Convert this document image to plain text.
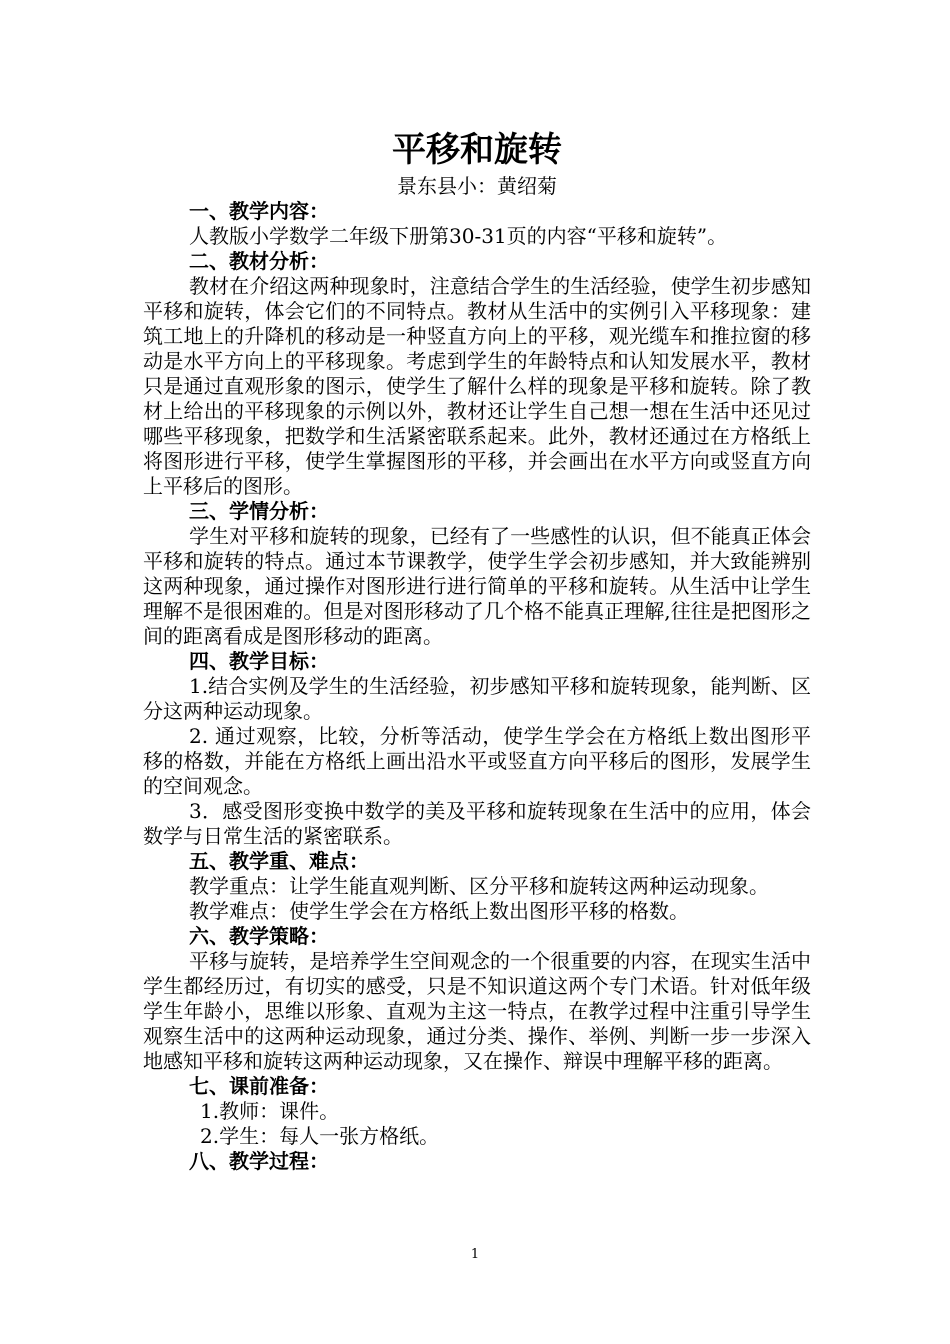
平移和旋转
景东县小：黄绍菊
一、教学内容：

人教版小学数学二年级下册第30-31页的内容“平移和旋转”。

二、教材分析：

教材在介绍这两种现象时，注意结合学生的生活经验，使学生初步感知平移和旋转，体会它们的不同特点。教材从生活中的实例引入平移现象：建筑工地上的升降机的移动是一种竖直方向上的平移，观光缆车和推拉窗的移动是水平方向上的平移现象。考虑到学生的年龄特点和认知发展水平，教材只是通过直观形象的图示，使学生了解什么样的现象是平移和旋转。除了教材上给出的平移现象的示例以外，教材还让学生自己想一想在生活中还见过哪些平移现象，把数学和生活紧密联系起来。此外，教材还通过在方格纸上将图形进行平移，使学生掌握图形的平移，并会画出在水平方向或竖直方向上平移后的图形。

三、学情分析：

学生对平移和旋转的现象，已经有了一些感性的认识，但不能真正体会平移和旋转的特点。通过本节课教学，使学生学会初步感知，并大致能辨别这两种现象，通过操作对图形进行进行简单的平移和旋转。从生活中让学生理解不是很困难的。但是对图形移动了几个格不能真正理解,往往是把图形之间的距离看成是图形移动的距离。

四、教学目标：

1.结合实例及学生的生活经验，初步感知平移和旋转现象，能判断、区分这两种运动现象。

2. 通过观察，比较，分析等活动，使学生学会在方格纸上数出图形平移的格数，并能在方格纸上画出沿水平或竖直方向平移后的图形，发展学生的空间观念。

3．感受图形变换中数学的美及平移和旋转现象在生活中的应用，体会数学与日常生活的紧密联系。

五、教学重、难点：

教学重点：让学生能直观判断、区分平移和旋转这两种运动现象。

教学难点：使学生学会在方格纸上数出图形平移的格数。

六、教学策略：

平移与旋转，是培养学生空间观念的一个很重要的内容，在现实生活中学生都经历过，有切实的感受，只是不知识道这两个专门术语。针对低年级学生年龄小，思维以形象、直观为主这一特点，在教学过程中注重引导学生观察生活中的这两种运动现象，通过分类、操作、举例、判断一步一步深入地感知平移和旋转这两种运动现象，又在操作、辩误中理解平移的距离。

七、课前准备：
1.教师：课件。
2.学生：每人一张方格纸。
八、教学过程：
1
